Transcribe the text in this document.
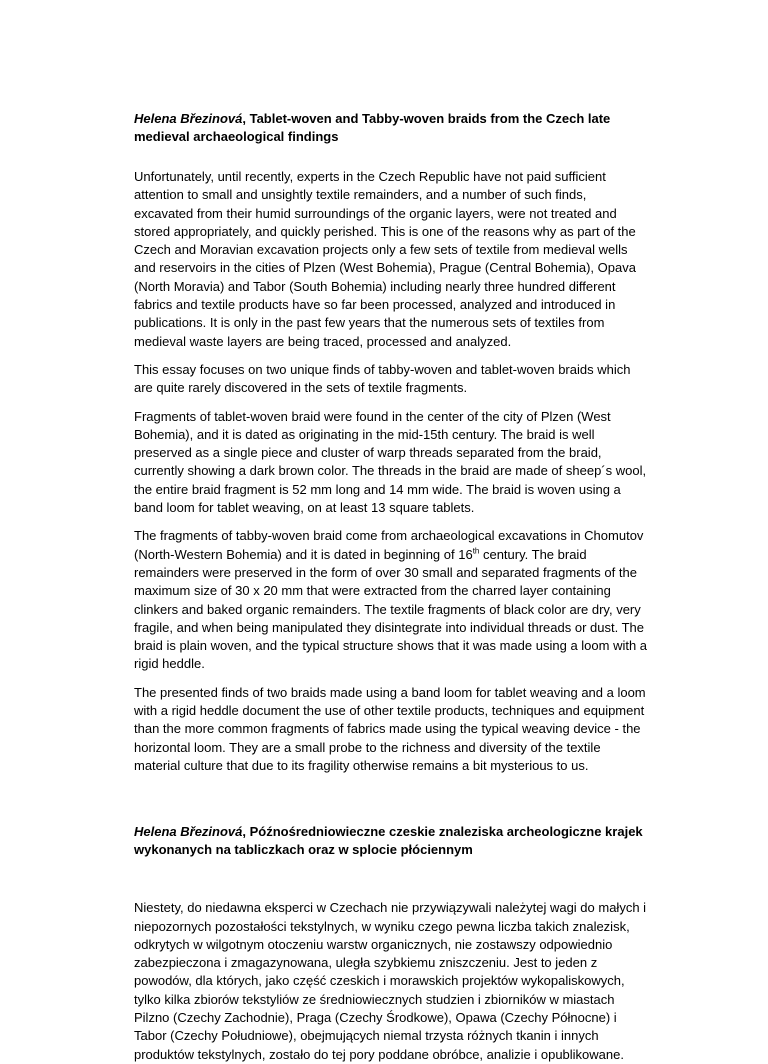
Helena Březinová, Tablet-woven and Tabby-woven braids from the Czech late medieval archaeological findings

Unfortunately, until recently, experts in the Czech Republic have not paid sufficient attention to small and unsightly textile remainders, and a number of such finds, excavated from their humid surroundings of the organic layers, were not treated and stored appropriately, and quickly perished. This is one of the reasons why as part of the Czech and Moravian excavation projects only a few sets of textile from medieval wells and reservoirs in the cities of Plzen (West Bohemia), Prague (Central Bohemia), Opava (North Moravia) and Tabor (South Bohemia) including nearly three hundred different fabrics and textile products have so far been processed, analyzed and introduced in publications. It is only in the past few years that the numerous sets of textiles from medieval waste layers are being traced, processed and analyzed.

This essay focuses on two unique finds of tabby-woven and tablet-woven braids which are quite rarely discovered in the sets of textile fragments.

Fragments of tablet-woven braid were found in the center of the city of Plzen (West Bohemia), and it is dated as originating in the mid-15th century. The braid is well preserved as a single piece and cluster of warp threads separated from the braid, currently showing a dark brown color. The threads in the braid are made of sheep´s wool, the entire braid fragment is 52 mm long and 14 mm wide. The braid is woven using a band loom for tablet weaving, on at least 13 square tablets.

The fragments of tabby-woven braid come from archaeological excavations in Chomutov (North-Western Bohemia) and it is dated in beginning of 16th century. The braid remainders were preserved in the form of over 30 small and separated fragments of the maximum size of 30 x 20 mm that were extracted from the charred layer containing clinkers and baked organic remainders. The textile fragments of black color are dry, very fragile, and when being manipulated they disintegrate into individual threads or dust. The braid is plain woven, and the typical structure shows that it was made using a loom with a rigid heddle.

The presented finds of two braids made using a band loom for tablet weaving and a loom with a rigid heddle document the use of other textile products, techniques and equipment than the more common fragments of fabrics made using the typical weaving device - the horizontal loom. They are a small probe to the richness and diversity of the textile material culture that due to its fragility otherwise remains a bit mysterious to us.

Helena Březinová, Późnośredniowieczne czeskie znaleziska archeologiczne krajek wykonanych na tabliczkach oraz w splocie płóciennym

Niestety, do niedawna eksperci w Czechach nie przywiązywali należytej wagi do małych i niepozornych pozostałości tekstylnych, w wyniku czego pewna liczba takich znalezisk, odkrytych w wilgotnym otoczeniu warstw organicznych, nie zostawszy odpowiednio zabezpieczona i zmagazynowana, uległa szybkiemu zniszczeniu. Jest to jeden z powodów, dla których, jako część czeskich i morawskich projektów wykopaliskowych, tylko kilka zbiorów tekstyliów ze średniowiecznych studzien i zbiorników w miastach Pilzno (Czechy Zachodnie), Praga (Czechy Środkowe), Opawa (Czechy Północne) i Tabor (Czechy Południowe), obejmujących niemal trzysta różnych tkanin i innych produktów tekstylnych, zostało do tej pory poddane obróbce, analizie i opublikowane.
